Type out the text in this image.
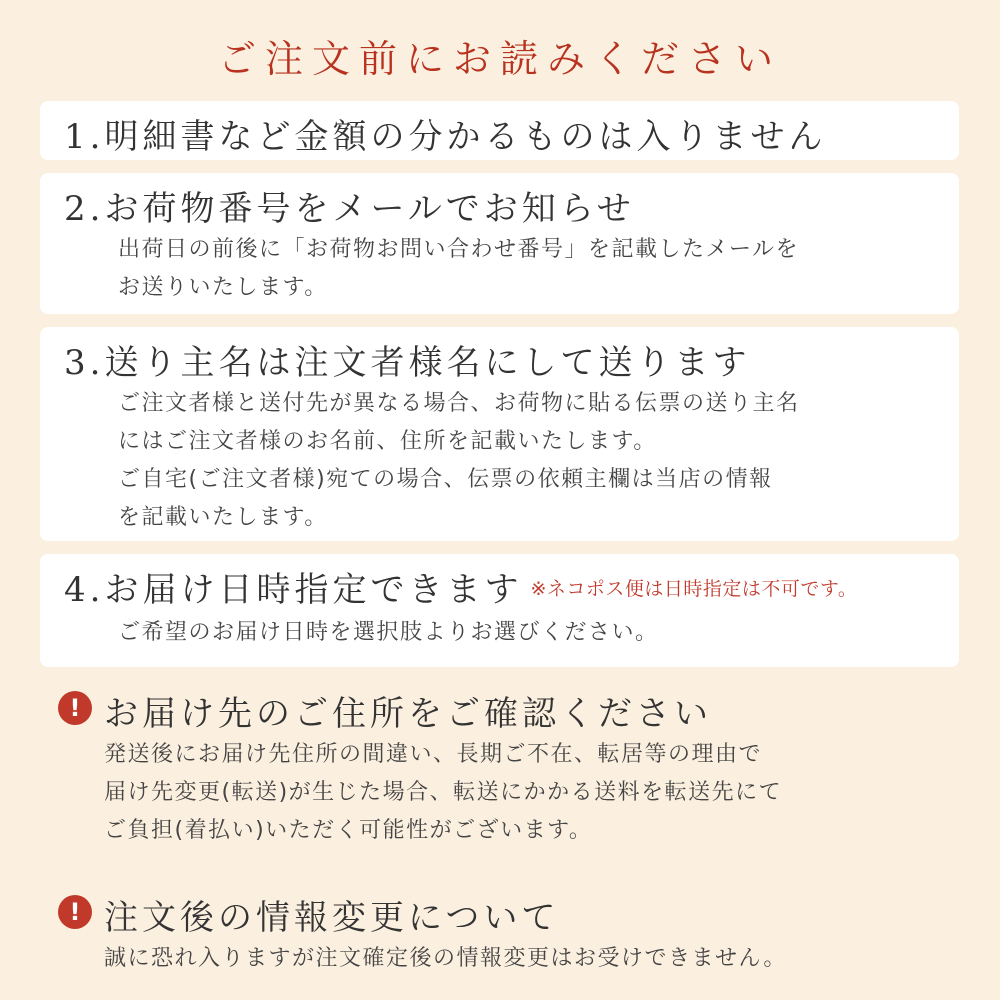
ご注文前にお読みください
1.明細書など金額の分かるものは入りません
2.お荷物番号をメールでお知らせ
出荷日の前後に「お荷物お問い合わせ番号」を記載したメールを
お送りいたします。
3.送り主名は注文者様名にして送ります
ご注文者様と送付先が異なる場合、お荷物に貼る伝票の送り主名
にはご注文者様のお名前、住所を記載いたします。
ご自宅(ご注文者様)宛ての場合、伝票の依頼主欄は当店の情報
を記載いたします。
4.お届け日時指定できます ※ネコポス便は日時指定は不可です。
ご希望のお届け日時を選択肢よりお選びください。
! お届け先のご住所をご確認ください
発送後にお届け先住所の間違い、長期ご不在、転居等の理由で
届け先変更(転送)が生じた場合、転送にかかる送料を転送先にて
ご負担(着払い)いただく可能性がございます。
! 注文後の情報変更について
誠に恐れ入りますが注文確定後の情報変更はお受けできません。
